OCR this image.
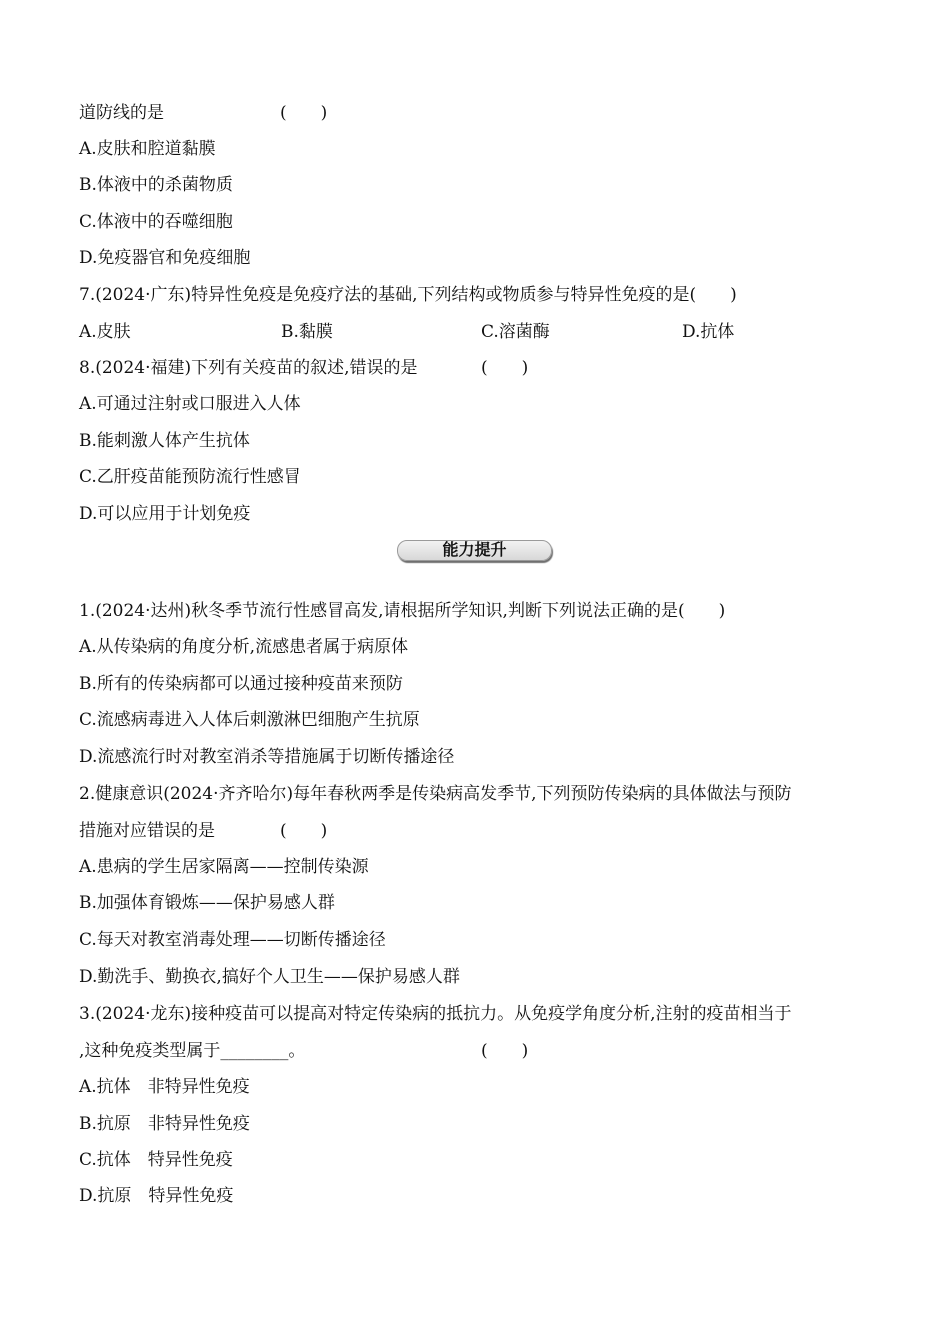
道防线的是	(　　)
A.皮肤和腔道黏膜
B.体液中的杀菌物质
C.体液中的吞噬细胞
D.免疫器官和免疫细胞
7.(2024·广东)特异性免疫是免疫疗法的基础,下列结构或物质参与特异性免疫的是(　　)
A.皮肤	B.黏膜	C.溶菌酶	D.抗体
8.(2024·福建)下列有关疫苗的叙述,错误的是	(　　)
A.可通过注射或口服进入人体
B.能刺激人体产生抗体
C.乙肝疫苗能预防流行性感冒
D.可以应用于计划免疫
能力提升
1.(2024·达州)秋冬季节流行性感冒高发,请根据所学知识,判断下列说法正确的是(　　)
A.从传染病的角度分析,流感患者属于病原体
B.所有的传染病都可以通过接种疫苗来预防
C.流感病毒进入人体后刺激淋巴细胞产生抗原
D.流感流行时对教室消杀等措施属于切断传播途径
2.健康意识(2024·齐齐哈尔)每年春秋两季是传染病高发季节,下列预防传染病的具体做法与预防
措施对应错误的是	(　　)
A.患病的学生居家隔离——控制传染源
B.加强体育锻炼——保护易感人群
C.每天对教室消毒处理——切断传播途径
D.勤洗手、勤换衣,搞好个人卫生——保护易感人群
3.(2024·龙东)接种疫苗可以提高对特定传染病的抵抗力。从免疫学角度分析,注射的疫苗相当于
,这种免疫类型属于________。	(　　)
A.抗体　非特异性免疫
B.抗原　非特异性免疫
C.抗体　特异性免疫
D.抗原　特异性免疫
